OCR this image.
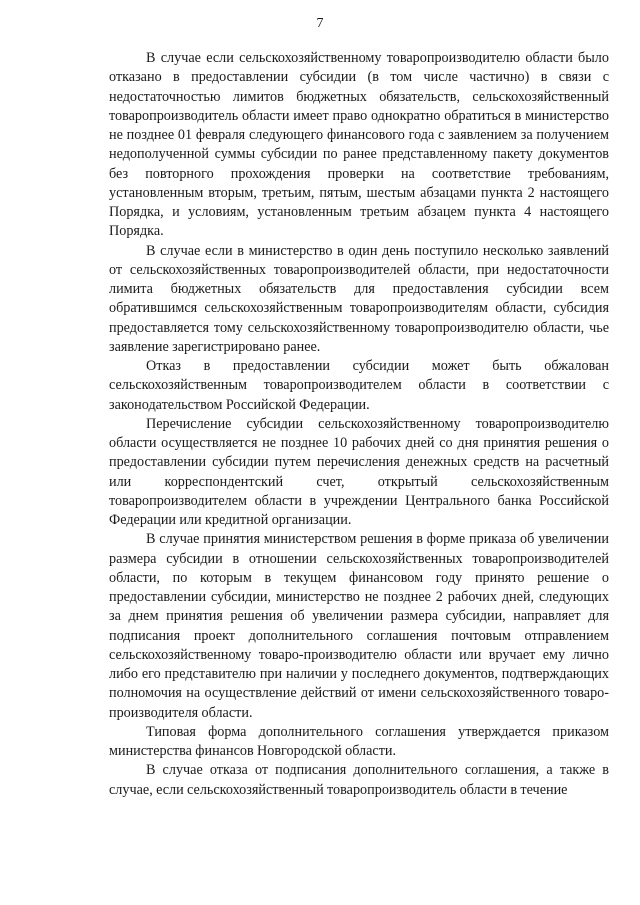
7

В случае если сельскохозяйственному товаропроизводителю области было отказано в предоставлении субсидии (в том числе частично) в связи с недостаточностью лимитов бюджетных обязательств, сельскохозяйственный товаропроизводитель области имеет право однократно обратиться в министерство не позднее 01 февраля следующего финансового года с заявлением за получением недополученной суммы субсидии по ранее представленному пакету документов без повторного прохождения проверки на соответствие требованиям, установленным вторым, третьим, пятым, шестым абзацами пункта 2 настоящего Порядка, и условиям, установленным третьим абзацем пункта 4 настоящего Порядка.

В случае если в министерство в один день поступило несколько заявлений от сельскохозяйственных товаропроизводителей области, при недостаточности лимита бюджетных обязательств для предоставления субсидии всем обратившимся сельскохозяйственным товаропроизводителям области, субсидия предоставляется тому сельскохозяйственному товаропроизводителю области, чье заявление зарегистрировано ранее.

Отказ в предоставлении субсидии может быть обжалован сельскохозяйственным товаропроизводителем области в соответствии с законодательством Российской Федерации.

Перечисление субсидии сельскохозяйственному товаропроизводителю области осуществляется не позднее 10 рабочих дней со дня принятия решения о предоставлении субсидии путем перечисления денежных средств на расчетный или корреспондентский счет, открытый сельскохозяйственным товаропроизводителем области в учреждении Центрального банка Российской Федерации или кредитной организации.

В случае принятия министерством решения в форме приказа об увеличении размера субсидии в отношении сельскохозяйственных товаропроизводителей области, по которым в текущем финансовом году принято решение о предоставлении субсидии, министерство не позднее 2 рабочих дней, следующих за днем принятия решения об увеличении размера субсидии, направляет для подписания проект дополнительного соглашения почтовым отправлением сельскохозяйственному товаро-производителю области или вручает ему лично либо его представителю при наличии у последнего документов, подтверждающих полномочия на осуществление действий от имени сельскохозяйственного товаро-производителя области.

Типовая форма дополнительного соглашения утверждается приказом министерства финансов Новгородской области.

В случае отказа от подписания дополнительного соглашения, а также в случае, если сельскохозяйственный товаропроизводитель области в течение
